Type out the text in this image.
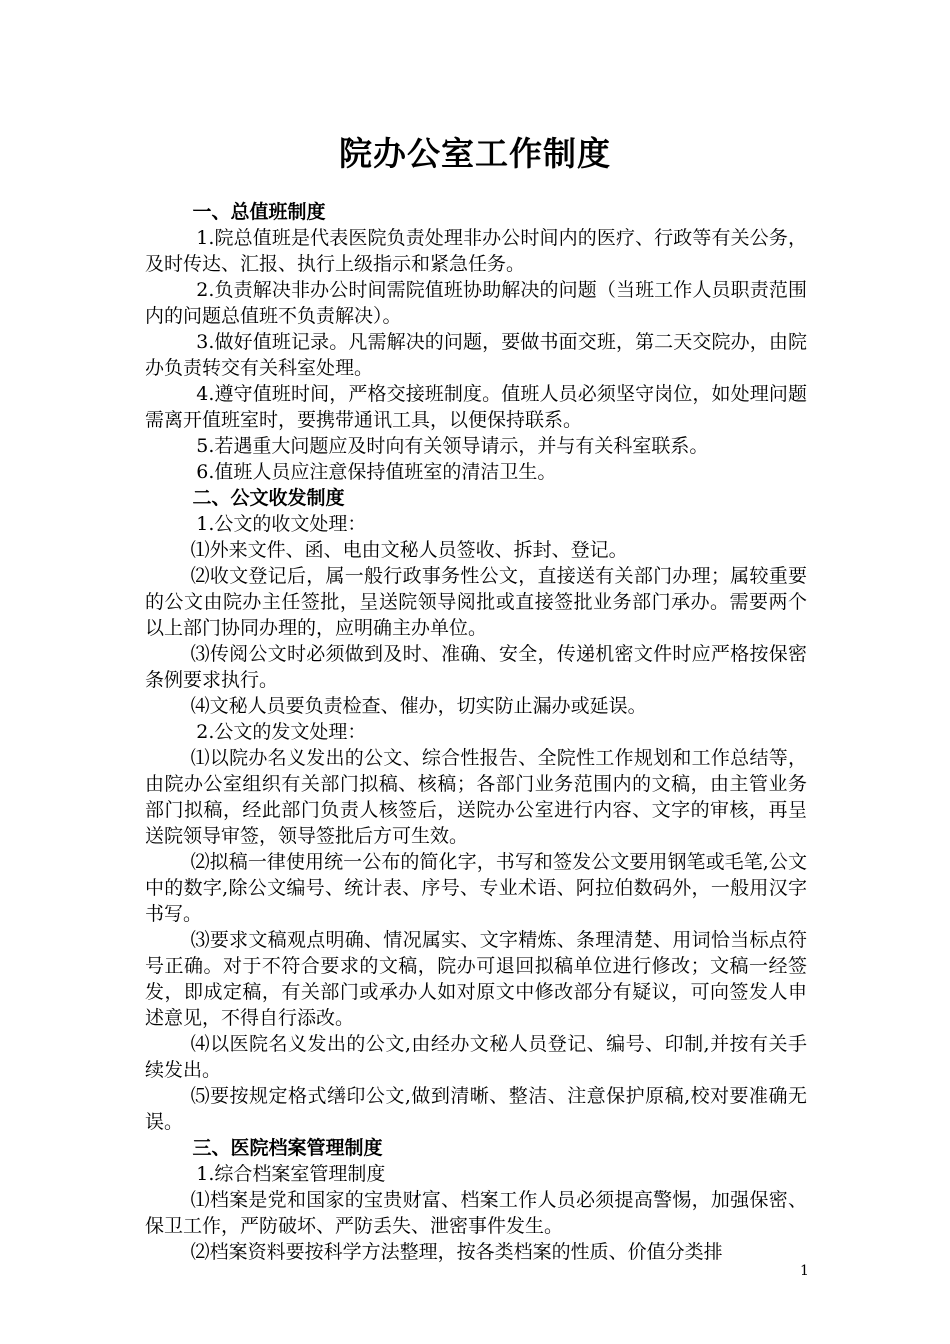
院办公室工作制度

一、总值班制度

1.院总值班是代表医院负责处理非办公时间内的医疗、行政等有关公务，及时传达、汇报、执行上级指示和紧急任务。

2.负责解决非办公时间需院值班协助解决的问题（当班工作人员职责范围内的问题总值班不负责解决）。

3.做好值班记录。凡需解决的问题，要做书面交班，第二天交院办，由院办负责转交有关科室处理。

4.遵守值班时间，严格交接班制度。值班人员必须坚守岗位，如处理问题需离开值班室时，要携带通讯工具，以便保持联系。

5.若遇重大问题应及时向有关领导请示，并与有关科室联系。

6.值班人员应注意保持值班室的清洁卫生。

二、公文收发制度

1.公文的收文处理：

⑴外来文件、函、电由文秘人员签收、拆封、登记。

⑵收文登记后，属一般行政事务性公文，直接送有关部门办理；属较重要的公文由院办主任签批，呈送院领导阅批或直接签批业务部门承办。需要两个以上部门协同办理的，应明确主办单位。

⑶传阅公文时必须做到及时、准确、安全，传递机密文件时应严格按保密条例要求执行。

⑷文秘人员要负责检查、催办，切实防止漏办或延误。

2.公文的发文处理：

⑴以院办名义发出的公文、综合性报告、全院性工作规划和工作总结等，由院办公室组织有关部门拟稿、核稿；各部门业务范围内的文稿，由主管业务部门拟稿，经此部门负责人核签后，送院办公室进行内容、文字的审核，再呈送院领导审签，领导签批后方可生效。

⑵拟稿一律使用统一公布的简化字，书写和签发公文要用钢笔或毛笔,公文中的数字,除公文编号、统计表、序号、专业术语、阿拉伯数码外，一般用汉字书写。

⑶要求文稿观点明确、情况属实、文字精炼、条理清楚、用词恰当标点符号正确。对于不符合要求的文稿，院办可退回拟稿单位进行修改；文稿一经签发，即成定稿，有关部门或承办人如对原文中修改部分有疑议，可向签发人申述意见，不得自行添改。

⑷以医院名义发出的公文,由经办文秘人员登记、编号、印制,并按有关手续发出。

⑸要按规定格式缮印公文,做到清晰、整洁、注意保护原稿,校对要准确无误。

三、医院档案管理制度

1.综合档案室管理制度

⑴档案是党和国家的宝贵财富、档案工作人员必须提高警惕，加强保密、保卫工作，严防破坏、严防丢失、泄密事件发生。

⑵档案资料要按科学方法整理，按各类档案的性质、价值分类排

1
